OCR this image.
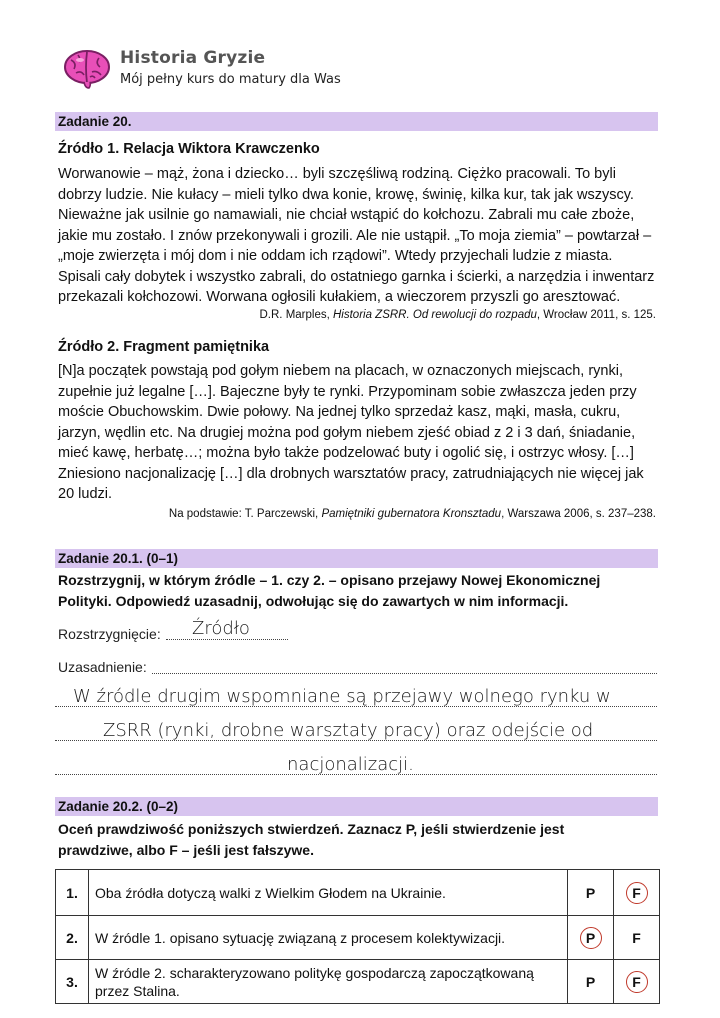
Historia Gryzie
Mój pełny kurs do matury dla Was
Zadanie 20.
Źródło 1. Relacja Wiktora Krawczenko

Worwanowie – mąż, żona i dziecko… byli szczęśliwą rodziną. Ciężko pracowali. To byli

dobrzy ludzie. Nie kułacy – mieli tylko dwa konie, krowę, świnię, kilka kur, tak jak wszyscy.

Nieważne jak usilnie go namawiali, nie chciał wstąpić do kołchozu. Zabrali mu całe zboże,

jakie mu zostało. I znów przekonywali i grozili. Ale nie ustąpił. „To moja ziemia” – powtarzał –

„moje zwierzęta i mój dom i nie oddam ich rządowi”. Wtedy przyjechali ludzie z miasta.

Spisali cały dobytek i wszystko zabrali, do ostatniego garnka i ścierki, a narzędzia i inwentarz

przekazali kołchozowi. Worwana ogłosili kułakiem, a wieczorem przyszli go aresztować.

D.R. Marples, Historia ZSRR. Od rewolucji do rozpadu, Wrocław 2011, s. 125.
Źródło 2. Fragment pamiętnika

[N]a początek powstają pod gołym niebem na placach, w oznaczonych miejscach, rynki,

zupełnie już legalne […]. Bajeczne były te rynki. Przypominam sobie zwłaszcza jeden przy

moście Obuchowskim. Dwie połowy. Na jednej tylko sprzedaż kasz, mąki, masła, cukru,

jarzyn, wędlin etc. Na drugiej można pod gołym niebem zjeść obiad z 2 i 3 dań, śniadanie,

mieć kawę, herbatę…; można było także podzelować buty i ogolić się, i ostrzyc włosy. […]

Zniesiono nacjonalizację […] dla drobnych warsztatów pracy, zatrudniających nie więcej jak

20 ludzi.

Na podstawie: T. Parczewski, Pamiętniki gubernatora Kronsztadu, Warszawa 2006, s. 237–238.
Zadanie 20.1. (0–1)

Rozstrzygnij, w którym źródle – 1. czy 2. – opisano przejawy Nowej Ekonomicznej

Polityki. Odpowiedź uzasadnij, odwołując się do zawartych w nim informacji.

Rozstrzygnięcie: Źródło
Uzasadnienie:
W źródle drugim wspomniane są przejawy wolnego rynku w
ZSRR (rynki, drobne warsztaty pracy) oraz odejście od
nacjonalizacji.
Zadanie 20.2. (0–2)

Oceń prawdziwość poniższych stwierdzeń. Zaznacz P, jeśli stwierdzenie jest

prawdziwe, albo F – jeśli jest fałszywe.

1.	Oba źródła dotyczą walki z Wielkim Głodem na Ukrainie.	P	F
2.	W źródle 1. opisano sytuację związaną z procesem kolektywizacji.	P	F
3.	W źródle 2. scharakteryzowano politykę gospodarczą zapoczątkowaną
przez Stalina.	P	F
